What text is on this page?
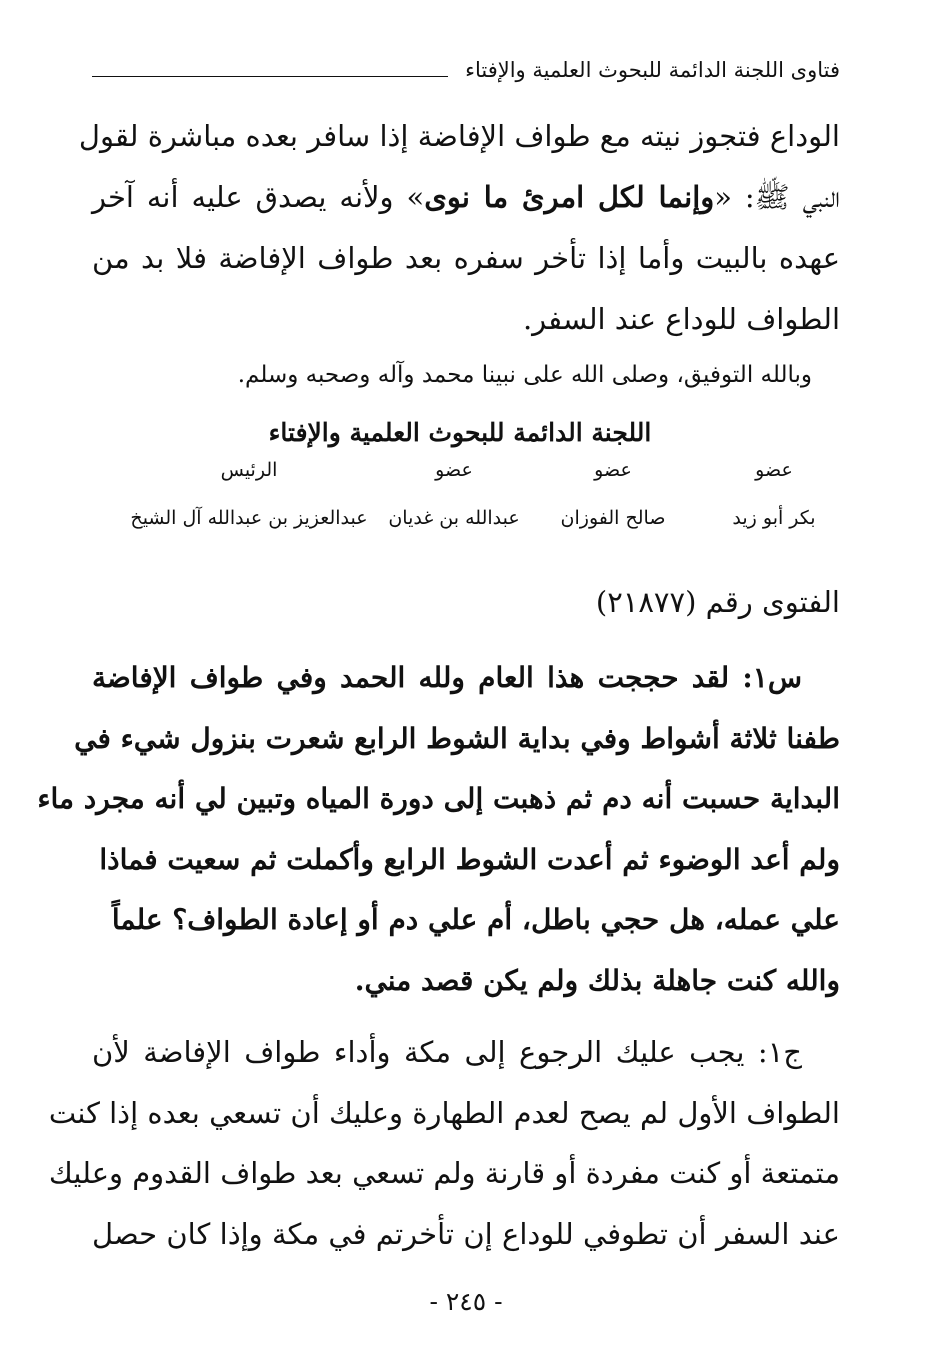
فتاوى اللجنة الدائمة للبحوث العلمية والإفتاء
الوداع فتجوز نيته مع طواف الإفاضة إذا سافر بعده مباشرة لقول
النبي ﷺ: «وإنما لكل امرئ ما نوى» ولأنه يصدق عليه أنه آخر
عهده بالبيت وأما إذا تأخر سفره بعد طواف الإفاضة فلا بد من
الطواف للوداع عند السفر.
وبالله التوفيق، وصلى الله على نبينا محمد وآله وصحبه وسلم.
اللجنة الدائمة للبحوث العلمية والإفتاء
عضو
عضو
عضو
الرئيس
بكر أبو زيد
صالح الفوزان
عبدالله بن غديان
عبدالعزيز بن عبدالله آل الشيخ
الفتوى رقم (٢١٨٧٧)
س١: لقد حججت هذا العام ولله الحمد وفي طواف الإفاضة
طفنا ثلاثة أشواط وفي بداية الشوط الرابع شعرت بنزول شيء في
البداية حسبت أنه دم ثم ذهبت إلى دورة المياه وتبين لي أنه مجرد ماء
ولم أعد الوضوء ثم أعدت الشوط الرابع وأكملت ثم سعيت فماذا
علي عمله، هل حجي باطل، أم علي دم أو إعادة الطواف؟ علماً
والله كنت جاهلة بذلك ولم يكن قصد مني.
ج١: يجب عليك الرجوع إلى مكة وأداء طواف الإفاضة لأن
الطواف الأول لم يصح لعدم الطهارة وعليك أن تسعي بعده إذا كنت
متمتعة أو كنت مفردة أو قارنة ولم تسعي بعد طواف القدوم وعليك
عند السفر أن تطوفي للوداع إن تأخرتم في مكة وإذا كان حصل
- ٢٤٥ -
